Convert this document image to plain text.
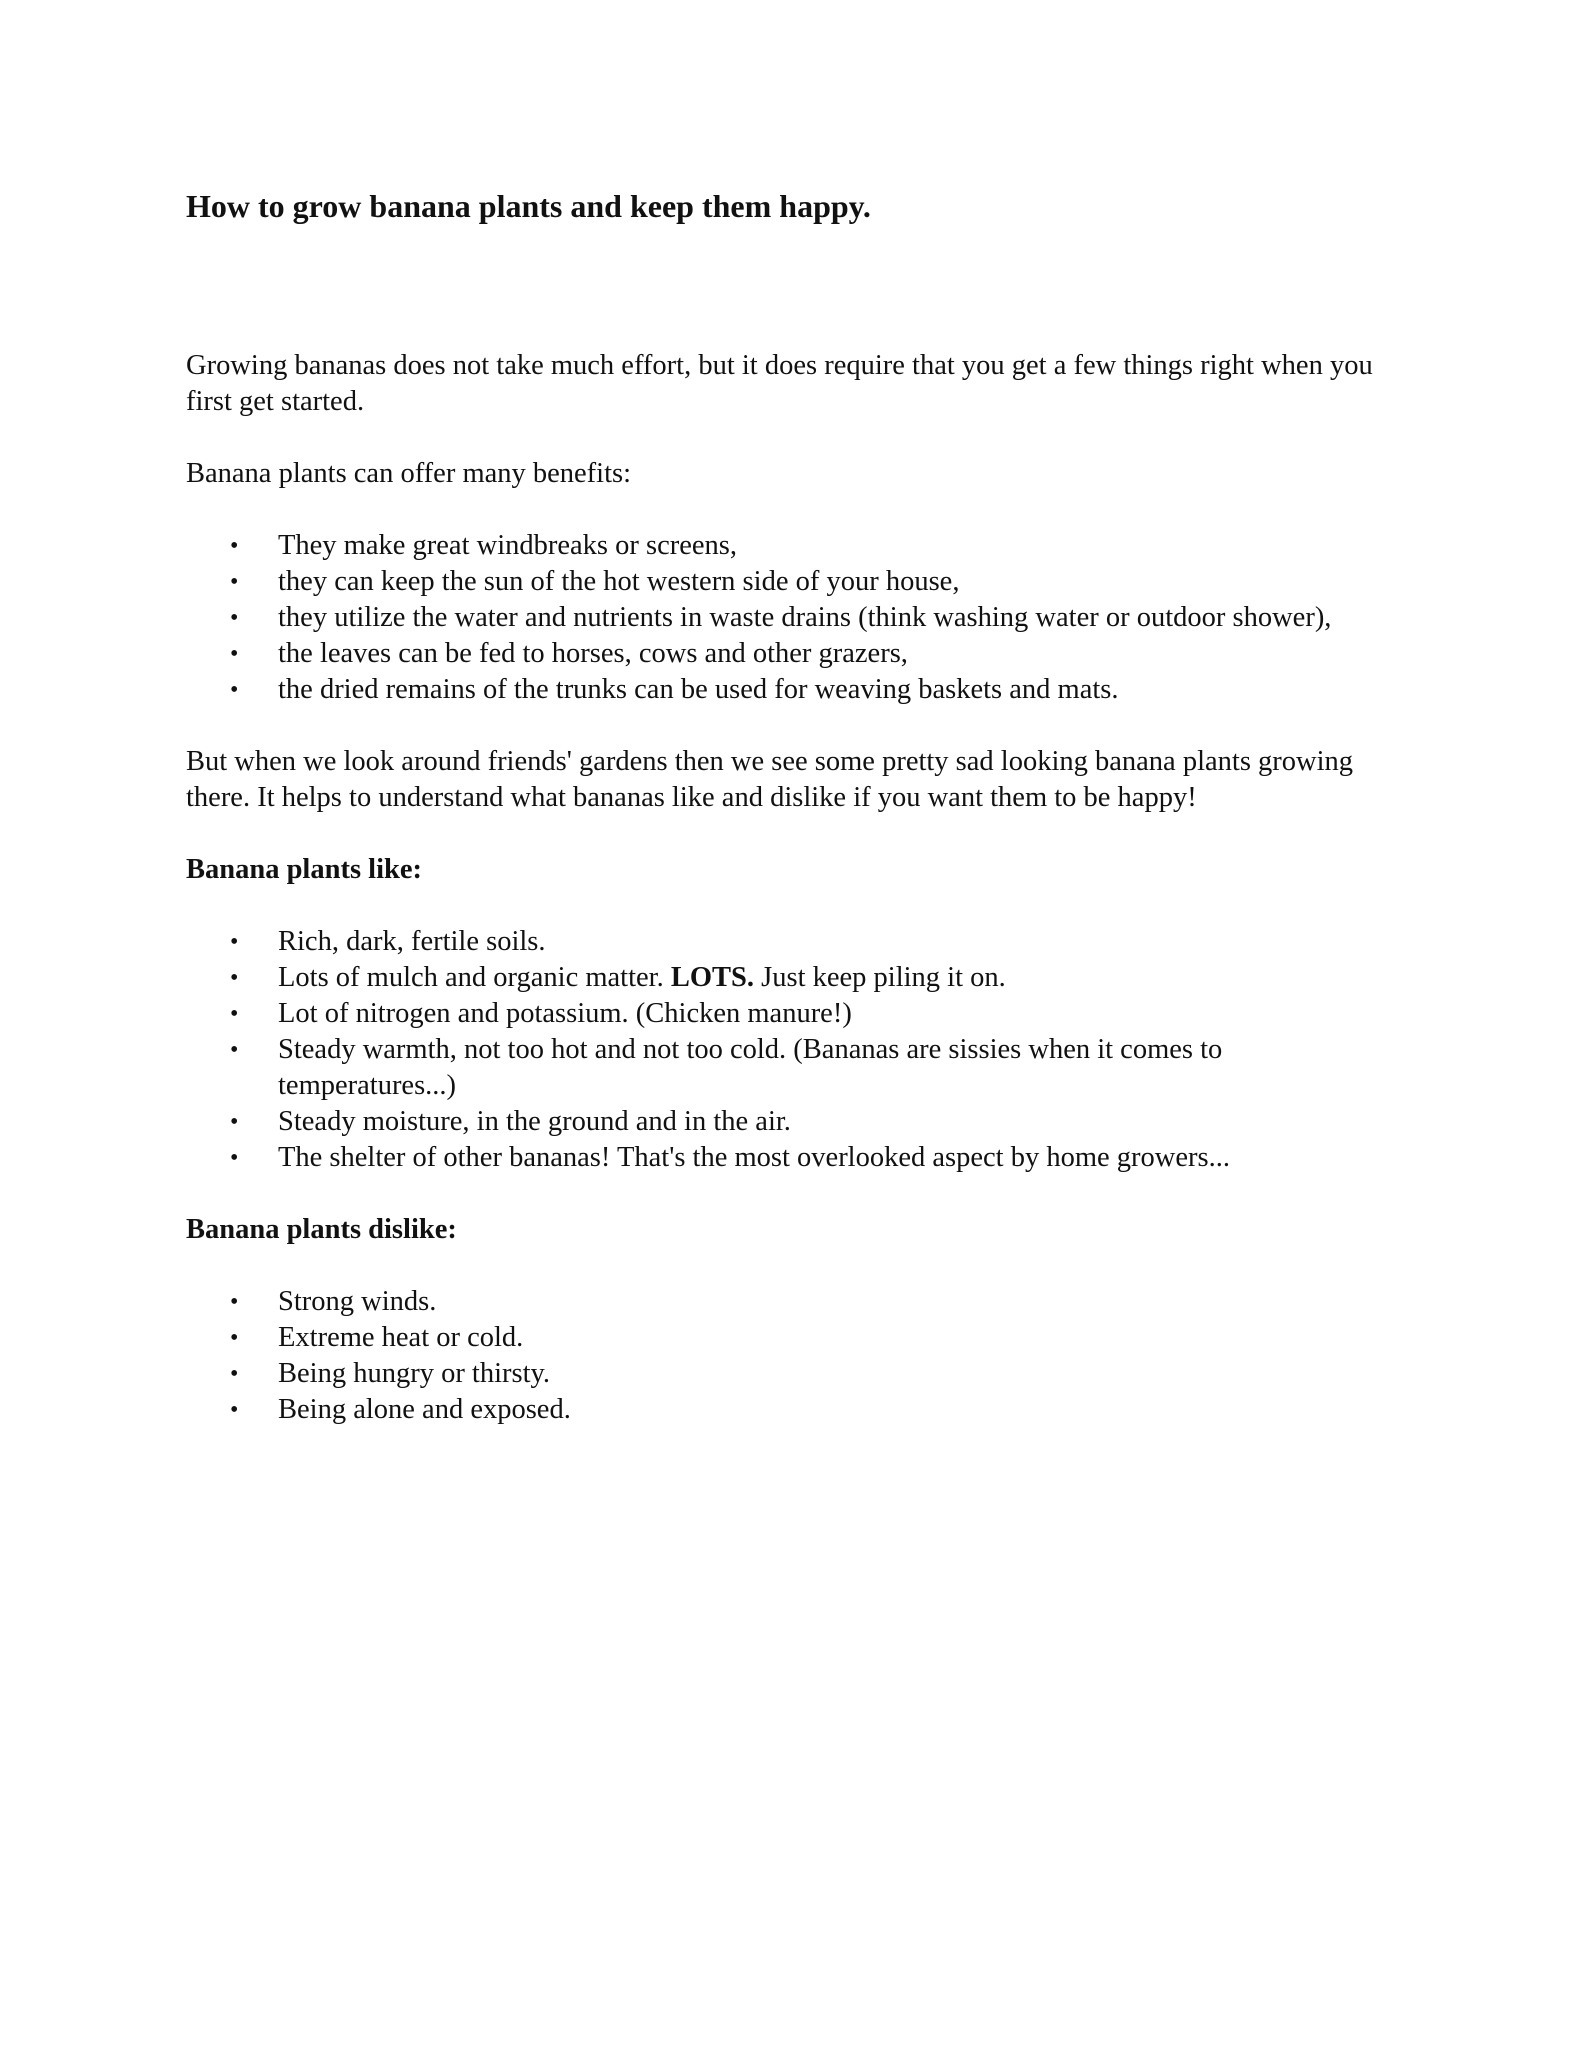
How to grow banana plants and keep them happy.

Growing bananas does not take much effort, but it does require that you get a few things right when you first get started.

Banana plants can offer many benefits:

• They make great windbreaks or screens,
• they can keep the sun of the hot western side of your house,
• they utilize the water and nutrients in waste drains (think washing water or outdoor shower),
• the leaves can be fed to horses, cows and other grazers,
• the dried remains of the trunks can be used for weaving baskets and mats.

But when we look around friends' gardens then we see some pretty sad looking banana plants growing there. It helps to understand what bananas like and dislike if you want them to be happy!

Banana plants like:

• Rich, dark, fertile soils.
• Lots of mulch and organic matter. LOTS. Just keep piling it on.
• Lot of nitrogen and potassium. (Chicken manure!)
• Steady warmth, not too hot and not too cold. (Bananas are sissies when it comes to temperatures...)
• Steady moisture, in the ground and in the air.
• The shelter of other bananas! That's the most overlooked aspect by home growers...

Banana plants dislike:

• Strong winds.
• Extreme heat or cold.
• Being hungry or thirsty.
• Being alone and exposed.
